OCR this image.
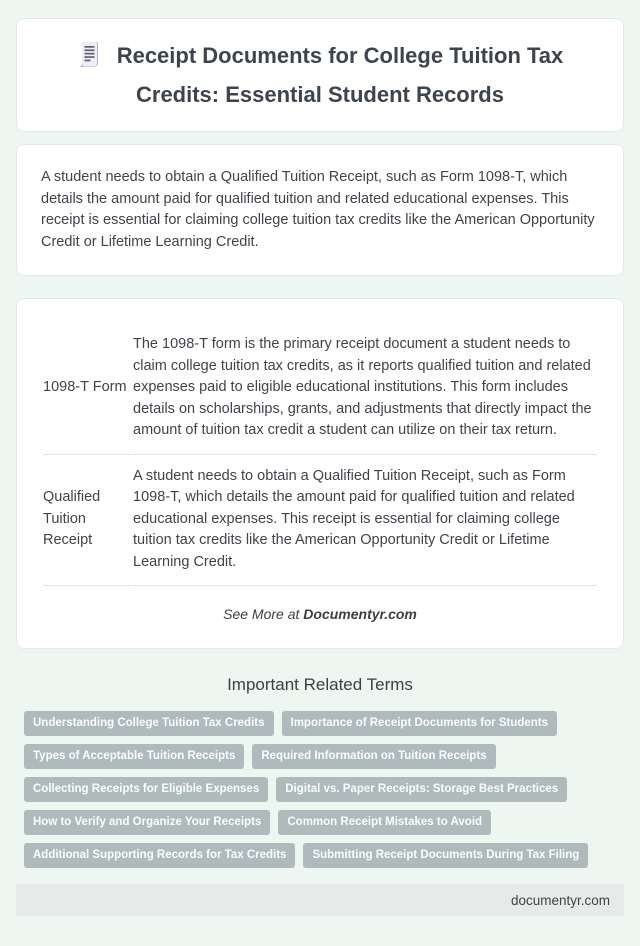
Receipt Documents for College Tuition Tax Credits: Essential Student Records

A student needs to obtain a Qualified Tuition Receipt, such as Form 1098-T, which details the amount paid for qualified tuition and related educational expenses. This receipt is essential for claiming college tuition tax credits like the American Opportunity Credit or Lifetime Learning Credit.

1098-T Form	The 1098-T form is the primary receipt document a student needs to claim college tuition tax credits, as it reports qualified tuition and related expenses paid to eligible educational institutions. This form includes details on scholarships, grants, and adjustments that directly impact the amount of tuition tax credit a student can utilize on their tax return.
Qualified Tuition Receipt	A student needs to obtain a Qualified Tuition Receipt, such as Form 1098-T, which details the amount paid for qualified tuition and related educational expenses. This receipt is essential for claiming college tuition tax credits like the American Opportunity Credit or Lifetime Learning Credit.

See More at Documentyr.com

Important Related Terms
Understanding College Tuition Tax Credits	Importance of Receipt Documents for Students
Types of Acceptable Tuition Receipts	Required Information on Tuition Receipts
Collecting Receipts for Eligible Expenses	Digital vs. Paper Receipts: Storage Best Practices
How to Verify and Organize Your Receipts	Common Receipt Mistakes to Avoid
Additional Supporting Records for Tax Credits	Submitting Receipt Documents During Tax Filing
documentyr.com
